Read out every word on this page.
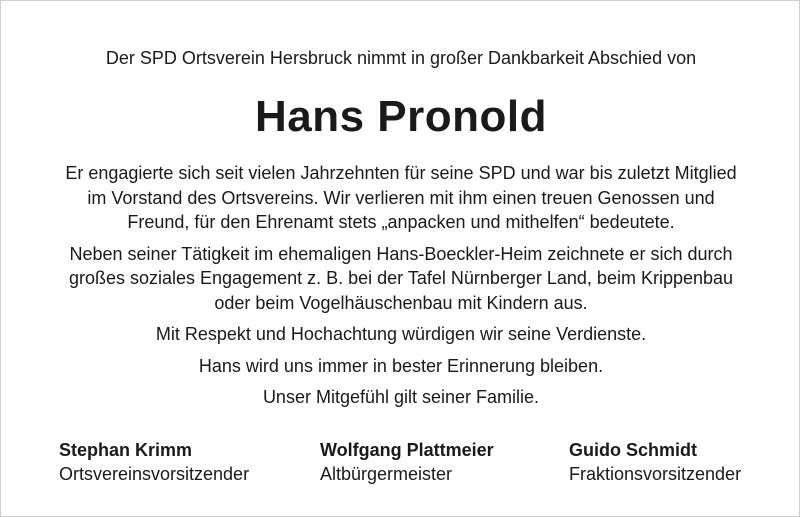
Der SPD Ortsverein Hersbruck nimmt in großer Dankbarkeit Abschied von
Hans Pronold

Er engagierte sich seit vielen Jahrzehnten für seine SPD und war bis zuletzt Mitglied
im Vorstand des Ortsvereins. Wir verlieren mit ihm einen treuen Genossen und
Freund, für den Ehrenamt stets „anpacken und mithelfen“ bedeutete.

Neben seiner Tätigkeit im ehemaligen Hans-Boeckler-Heim zeichnete er sich durch
großes soziales Engagement z. B. bei der Tafel Nürnberger Land, beim Krippenbau
oder beim Vogelhäuschenbau mit Kindern aus.

Mit Respekt und Hochachtung würdigen wir seine Verdienste.

Hans wird uns immer in bester Erinnerung bleiben.

Unser Mitgefühl gilt seiner Familie.

Stephan Krimm
Ortsvereinsvorsitzender
Wolfgang Plattmeier
Altbürgermeister
Guido Schmidt
Fraktionsvorsitzender
